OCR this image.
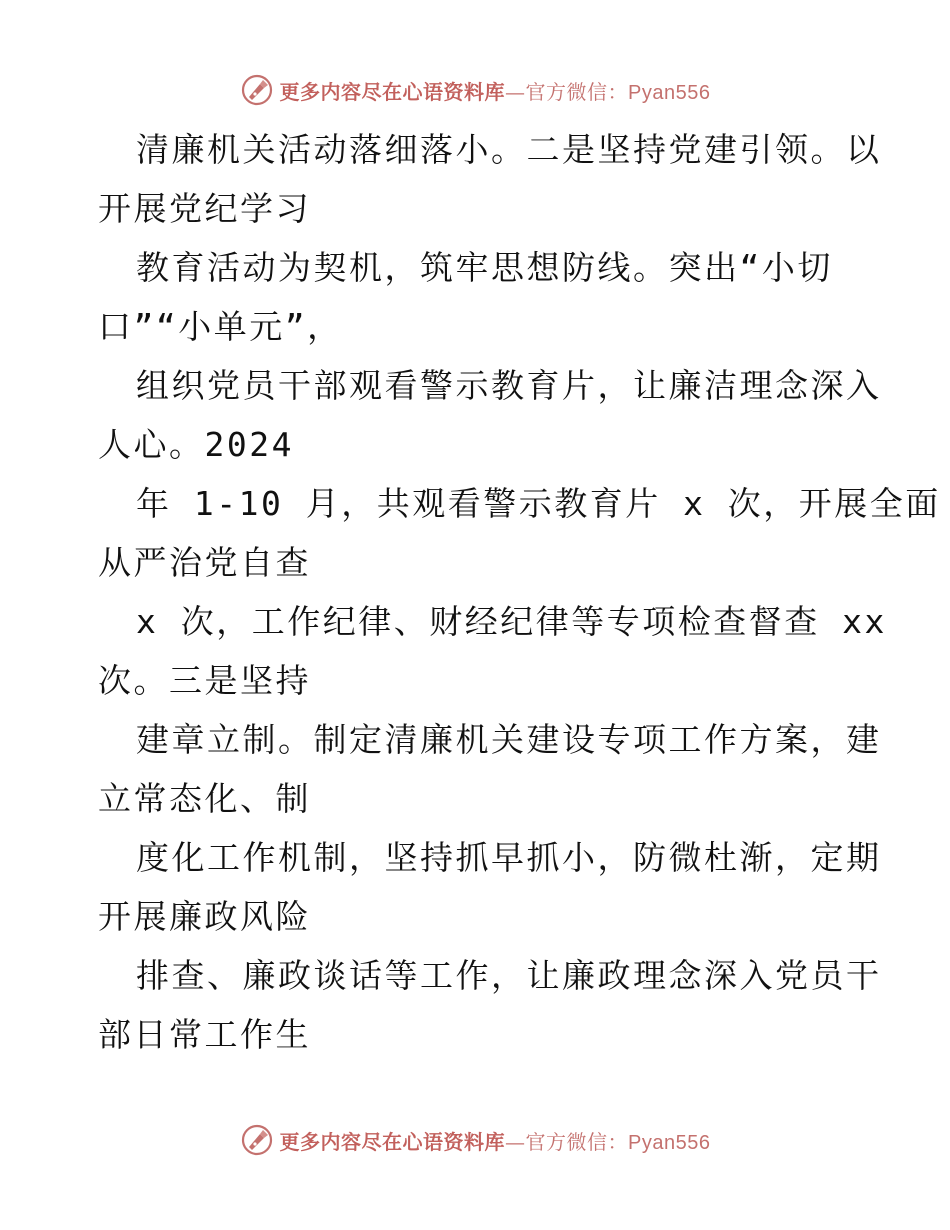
更多内容尽在心语资料库—官方微信：Pyan556
清廉机关活动落细落小。二是坚持党建引领。以
开展党纪学习
教育活动为契机，筑牢思想防线。突出“小切
口”“小单元”，
组织党员干部观看警示教育片，让廉洁理念深入
人心。2024
年 1-10 月，共观看警示教育片 x 次，开展全面
从严治党自查
x 次，工作纪律、财经纪律等专项检查督查 xx
次。三是坚持
建章立制。制定清廉机关建设专项工作方案，建
立常态化、制
度化工作机制，坚持抓早抓小，防微杜渐，定期
开展廉政风险
排查、廉政谈话等工作，让廉政理念深入党员干
部日常工作生
更多内容尽在心语资料库—官方微信：Pyan556
